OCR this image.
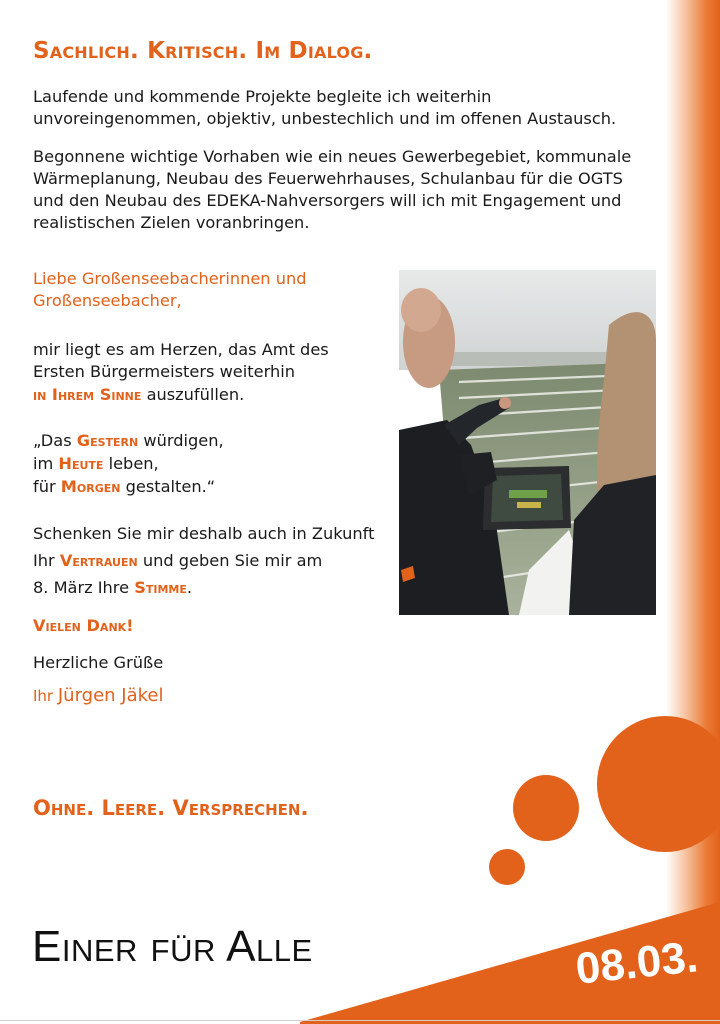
Sachlich. Kritisch. Im Dialog.

Laufende und kommende Projekte begleite ich weiterhin unvoreingenommen, objektiv, unbestechlich und im offenen Austausch.

Begonnene wichtige Vorhaben wie ein neues Gewerbegebiet, kommunale Wärmeplanung, Neubau des Feuerwehrhauses, Schulanbau für die OGTS und den Neubau des EDEKA-Nahversorgers will ich mit Engagement und realistischen Zielen voranbringen.

Liebe Großenseebacherinnen und Großenseebacher,
mir liegt es am Herzen, das Amt des
Ersten Bürgermeisters weiterhin
in Ihrem Sinne auszufüllen.
„Das Gestern würdigen,
im Heute leben,
für Morgen gestalten.“
Schenken Sie mir deshalb auch in Zukunft
Ihr Vertrauen und geben Sie mir am
8. März Ihre Stimme.
Vielen Dank!
Herzliche Grüße
Ihr Jürgen Jäkel
Ohne. Leere. Versprechen.
Einer für Alle	08.03.
